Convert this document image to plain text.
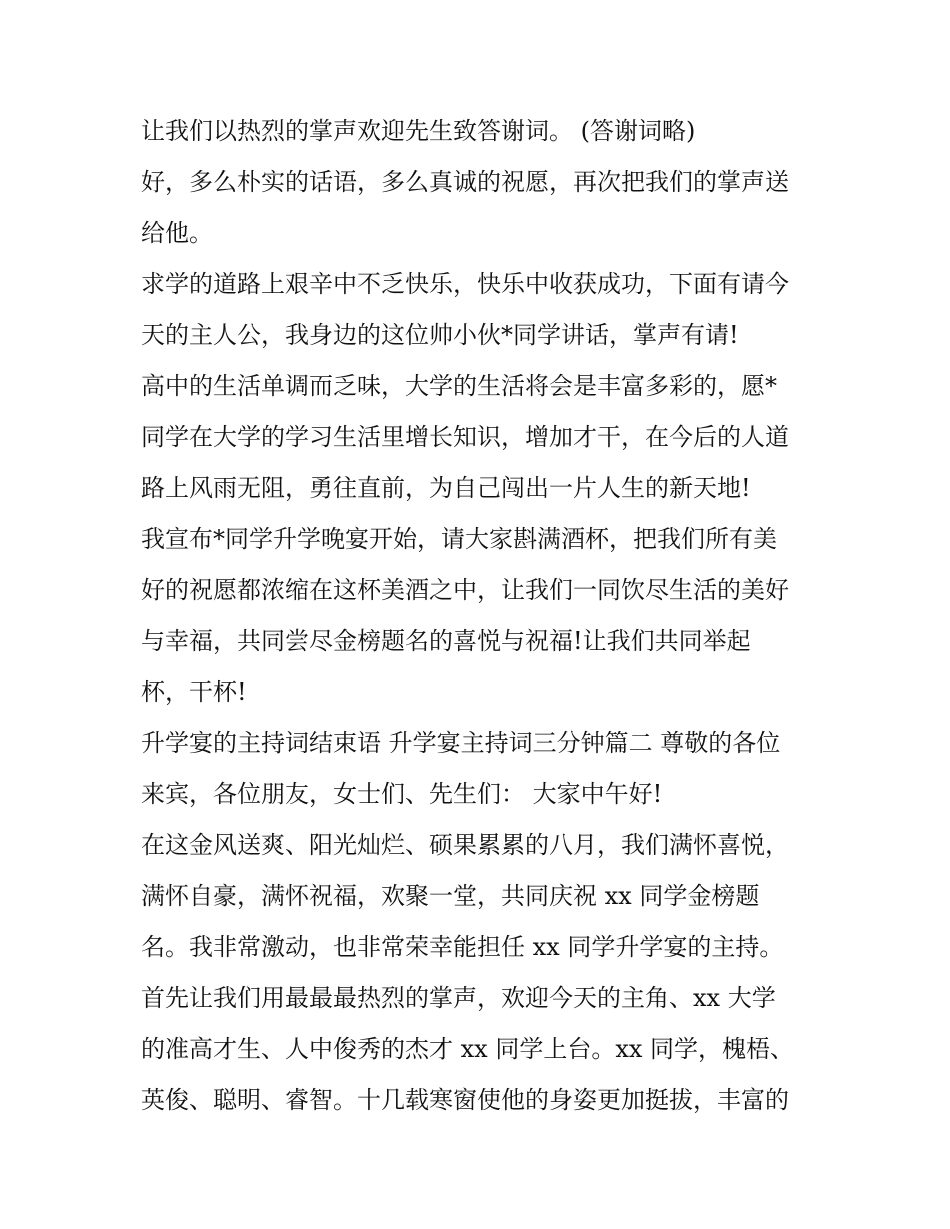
让我们以热烈的掌声欢迎先生致答谢词。 (答谢词略)
好，多么朴实的话语，多么真诚的祝愿，再次把我们的掌声送
给他。
求学的道路上艰辛中不乏快乐，快乐中收获成功，下面有请今
天的主人公，我身边的这位帅小伙*同学讲话，掌声有请!
高中的生活单调而乏味，大学的生活将会是丰富多彩的，愿*
同学在大学的学习生活里增长知识，增加才干，在今后的人道
路上风雨无阻，勇往直前，为自己闯出一片人生的新天地!
我宣布*同学升学晚宴开始，请大家斟满酒杯，把我们所有美
好的祝愿都浓缩在这杯美酒之中，让我们一同饮尽生活的美好
与幸福，共同尝尽金榜题名的喜悦与祝福!让我们共同举起
杯，干杯!
升学宴的主持词结束语 升学宴主持词三分钟篇二 尊敬的各位
来宾，各位朋友，女士们、先生们： 大家中午好!
在这金风送爽、阳光灿烂、硕果累累的八月，我们满怀喜悦，
满怀自豪，满怀祝福，欢聚一堂，共同庆祝 xx 同学金榜题
名。我非常激动，也非常荣幸能担任 xx 同学升学宴的主持。
首先让我们用最最最热烈的掌声，欢迎今天的主角、xx 大学
的准高才生、人中俊秀的杰才 xx 同学上台。xx 同学，槐梧、
英俊、聪明、睿智。十几载寒窗使他的身姿更加挺拔，丰富的
